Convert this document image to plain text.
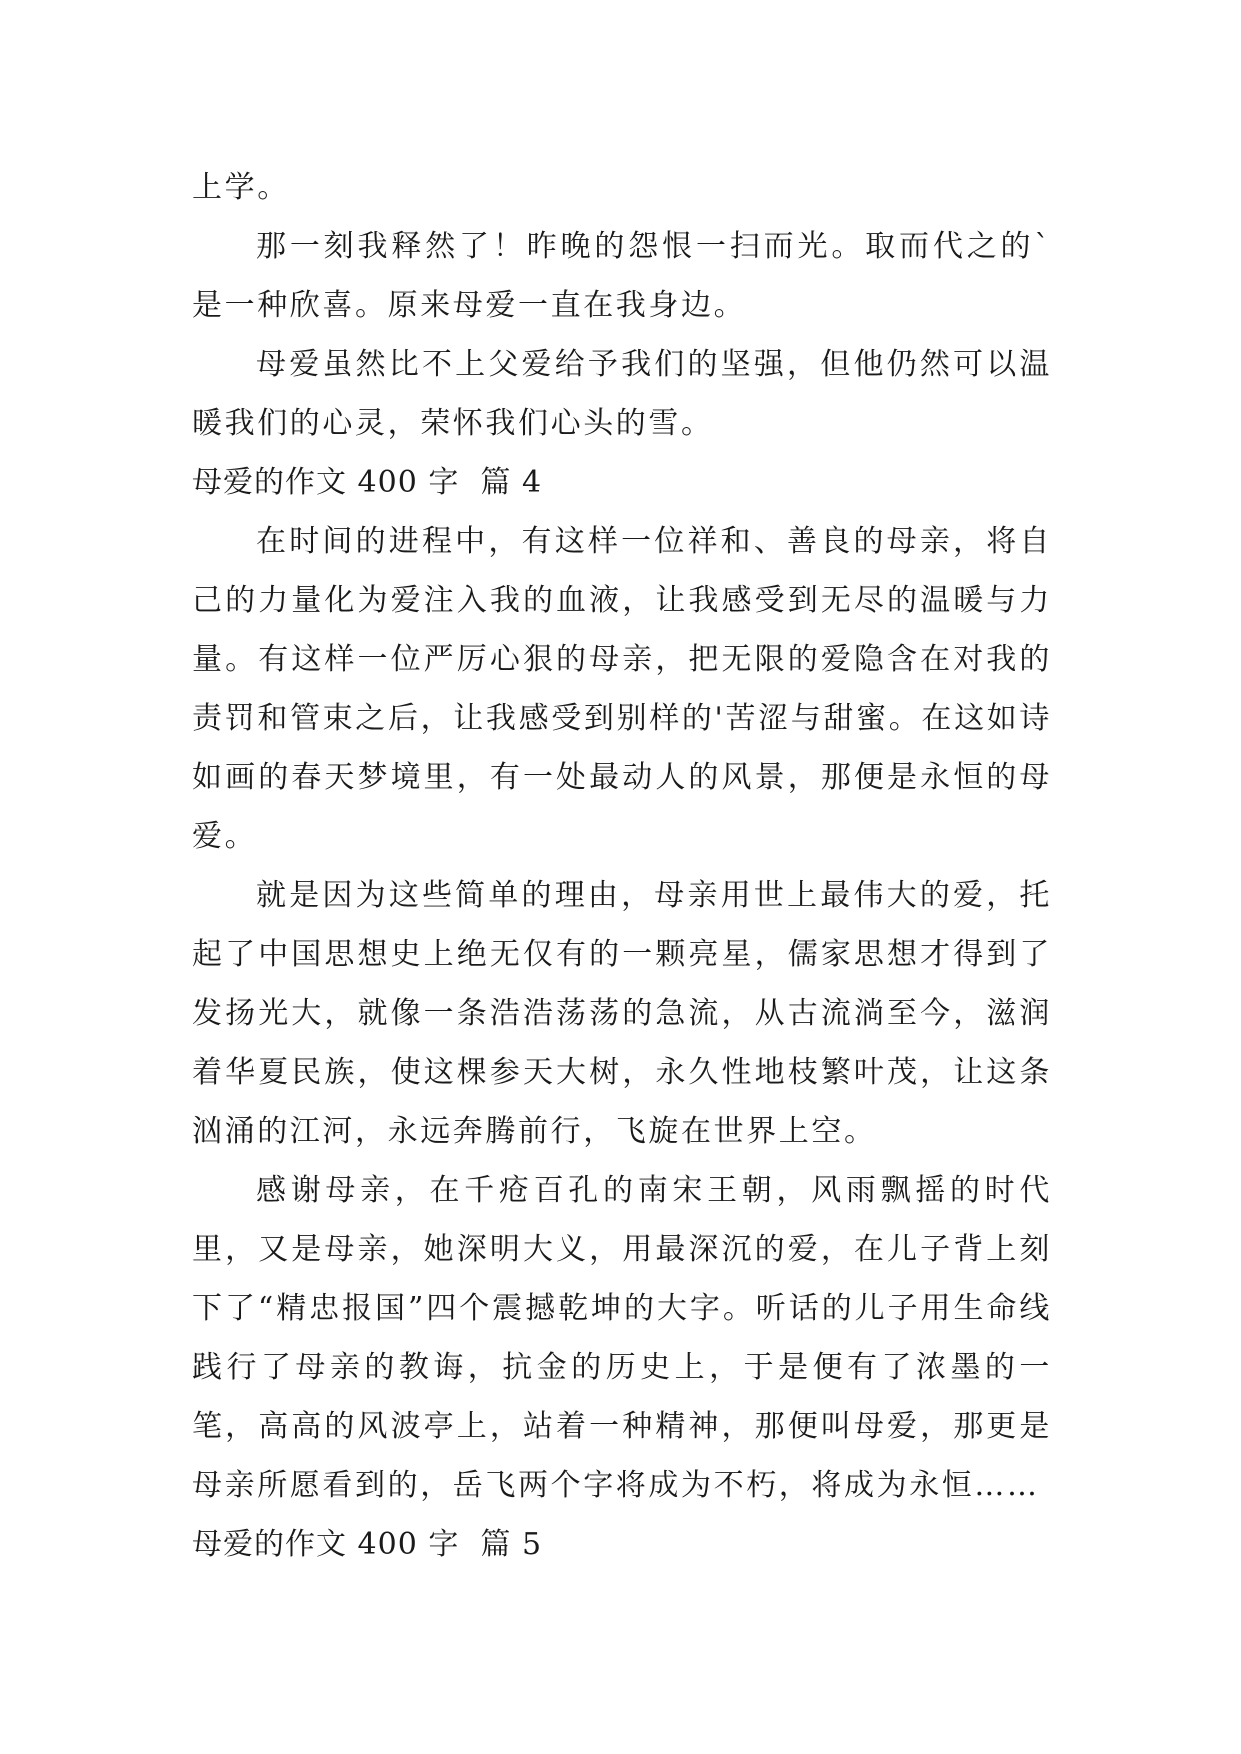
上学。

那一刻我释然了！昨晚的怨恨一扫而光。取而代之的`是一种欣喜。原来母爱一直在我身边。

母爱虽然比不上父爱给予我们的坚强，但他仍然可以温暖我们的心灵，荣怀我们心头的雪。

母爱的作文 400 字  篇 4

在时间的进程中，有这样一位祥和、善良的母亲，将自己的力量化为爱注入我的血液，让我感受到无尽的温暖与力量。有这样一位严厉心狠的母亲，把无限的爱隐含在对我的责罚和管束之后，让我感受到别样的'苦涩与甜蜜。在这如诗如画的春天梦境里，有一处最动人的风景，那便是永恒的母爱。

就是因为这些简单的理由，母亲用世上最伟大的爱，托起了中国思想史上绝无仅有的一颗亮星，儒家思想才得到了发扬光大，就像一条浩浩荡荡的急流，从古流淌至今，滋润着华夏民族，使这棵参天大树，永久性地枝繁叶茂，让这条汹涌的江河，永远奔腾前行，飞旋在世界上空。

感谢母亲，在千疮百孔的南宋王朝，风雨飘摇的时代里，又是母亲，她深明大义，用最深沉的爱，在儿子背上刻下了“精忠报国”四个震撼乾坤的大字。听话的儿子用生命线践行了母亲的教诲，抗金的历史上，于是便有了浓墨的一笔，高高的风波亭上，站着一种精神，那便叫母爱，那更是母亲所愿看到的，岳飞两个字将成为不朽，将成为永恒……

母爱的作文 400 字  篇 5
